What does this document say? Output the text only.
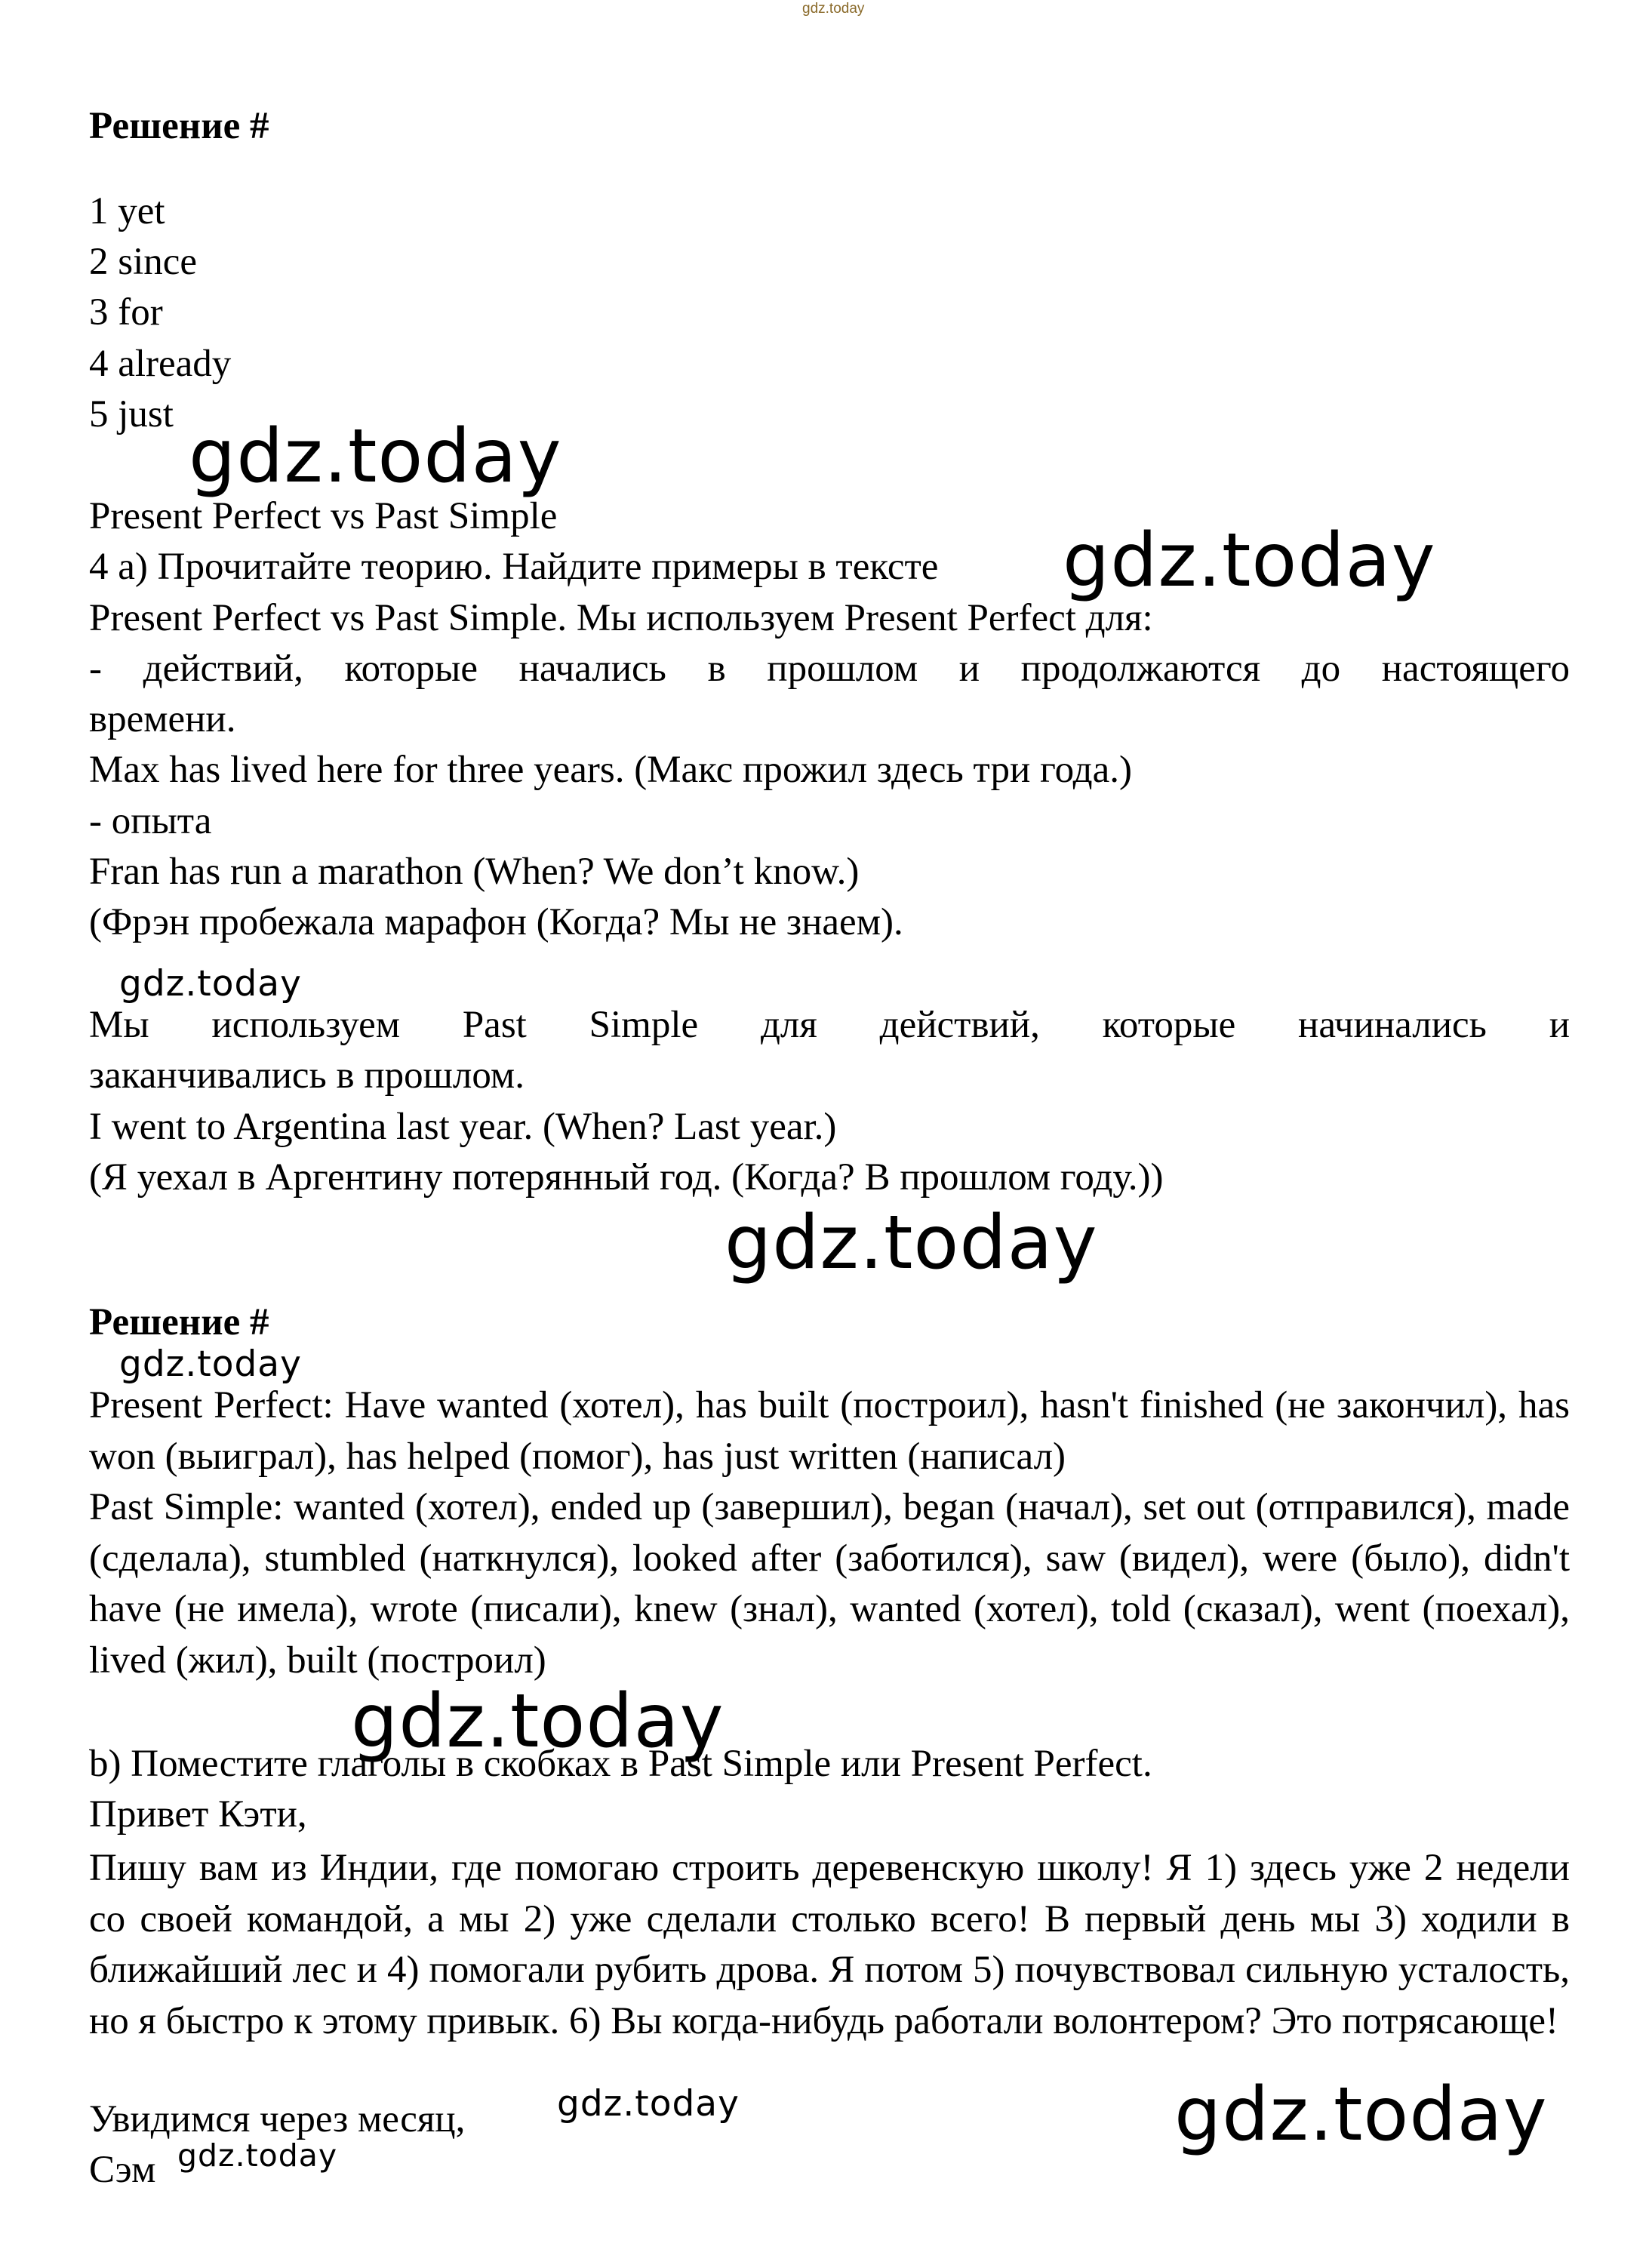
gdz.today
Решение #
1 yet
2 since
3 for
4 already
5 just gdz.today
Present Perfect vs Past Simple
4 a) Прочитайте теорию. Найдите примеры в тексте gdz.today
Present Perfect vs Past Simple. Мы используем Present Perfect для:
- действий, которые начались в прошлом и продолжаются до настоящего
времени.
Max has lived here for three years. (Макс прожил здесь три года.)
- опыта
Fran has run a marathon (When? We don’t know.)
(Фрэн пробежала марафон (Когда? Мы не знаем).
gdz.today
Мы используем Past Simple для действий, которые начинались и
заканчивались в прошлом.
I went to Argentina last year. (When? Last year.)
(Я уехал в Аргентину потерянный год. (Когда? В прошлом году.))
gdz.today
Решение #
gdz.today
Present Perfect: Have wanted (хотел), has built (построил), hasn't finished (не закончил), has won (выиграл), has helped (помог), has just written (написал)
Past Simple: wanted (хотел), ended up (завершил), began (начал), set out (отправился), made (сделала), stumbled (наткнулся), looked after (заботился), saw (видел), were (было), didn't have (не имела), wrote (писали), knew (знал), wanted (хотел), told (сказал), went (поехал), lived (жил), built (построил)
gdz.today
b) Поместите глаголы в скобках в Past Simple или Present Perfect.
Привет Кэти,
Пишу вам из Индии, где помогаю строить деревенскую школу! Я 1) здесь уже 2 недели со своей командой, а мы 2) уже сделали столько всего! В первый день мы 3) ходили в ближайший лес и 4) помогали рубить дрова. Я потом 5) почувствовал сильную усталость, но я быстро к этому привык. 6) Вы когда-нибудь работали волонтером? Это потрясающе!
Увидимся через месяц,	gdz.today	gdz.today
Сэм gdz.today
